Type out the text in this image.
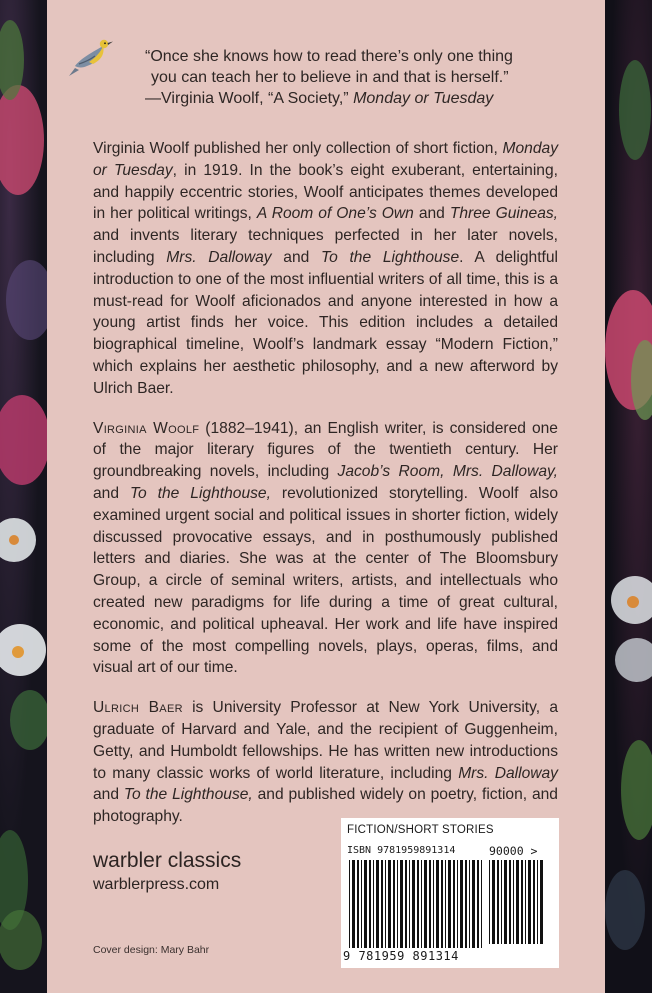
“Once she knows how to read there’s only one thing
you can teach her to believe in and that is herself.”
—Virginia Woolf, “A Society,” Monday or Tuesday

Virginia Woolf published her only collection of short fiction, Monday or Tuesday, in 1919. In the book’s eight exuberant, entertaining, and happily eccentric stories, Woolf anticipates themes developed in her political writings, A Room of One’s Own and Three Guineas, and invents literary techniques perfected in her later novels, including Mrs. Dalloway and To the Lighthouse. A delightful introduction to one of the most influential writers of all time, this is a must-read for Woolf aficionados and anyone interested in how a young artist finds her voice. This edition includes a detailed biographical timeline, Woolf’s landmark essay “Modern Fiction,” which explains her aesthetic philosophy, and a new afterword by Ulrich Baer.

Virginia Woolf (1882–1941), an English writer, is considered one of the major literary figures of the twentieth century. Her groundbreaking novels, including Jacob’s Room, Mrs. Dalloway, and To the Lighthouse, revolutionized storytelling. Woolf also examined urgent social and political issues in shorter fiction, widely discussed provocative essays, and in posthumously published letters and diaries. She was at the center of The Bloomsbury Group, a circle of seminal writers, artists, and intellectuals who created new paradigms for life during a time of great cultural, economic, and political upheaval. Her work and life have inspired some of the most compelling novels, plays, operas, films, and visual art of our time.

Ulrich Baer is University Professor at New York University, a graduate of Harvard and Yale, and the recipient of Guggenheim, Getty, and Humboldt fellowships. He has written new introductions to many classic works of world literature, including Mrs. Dalloway and To the Lighthouse, and published widely on poetry, fiction, and photography.

warbler classics
warblerpress.com
Cover design: Mary Bahr
FICTION/SHORT STORIES
ISBN 9781959891314	90000 >
9 781959 891314
